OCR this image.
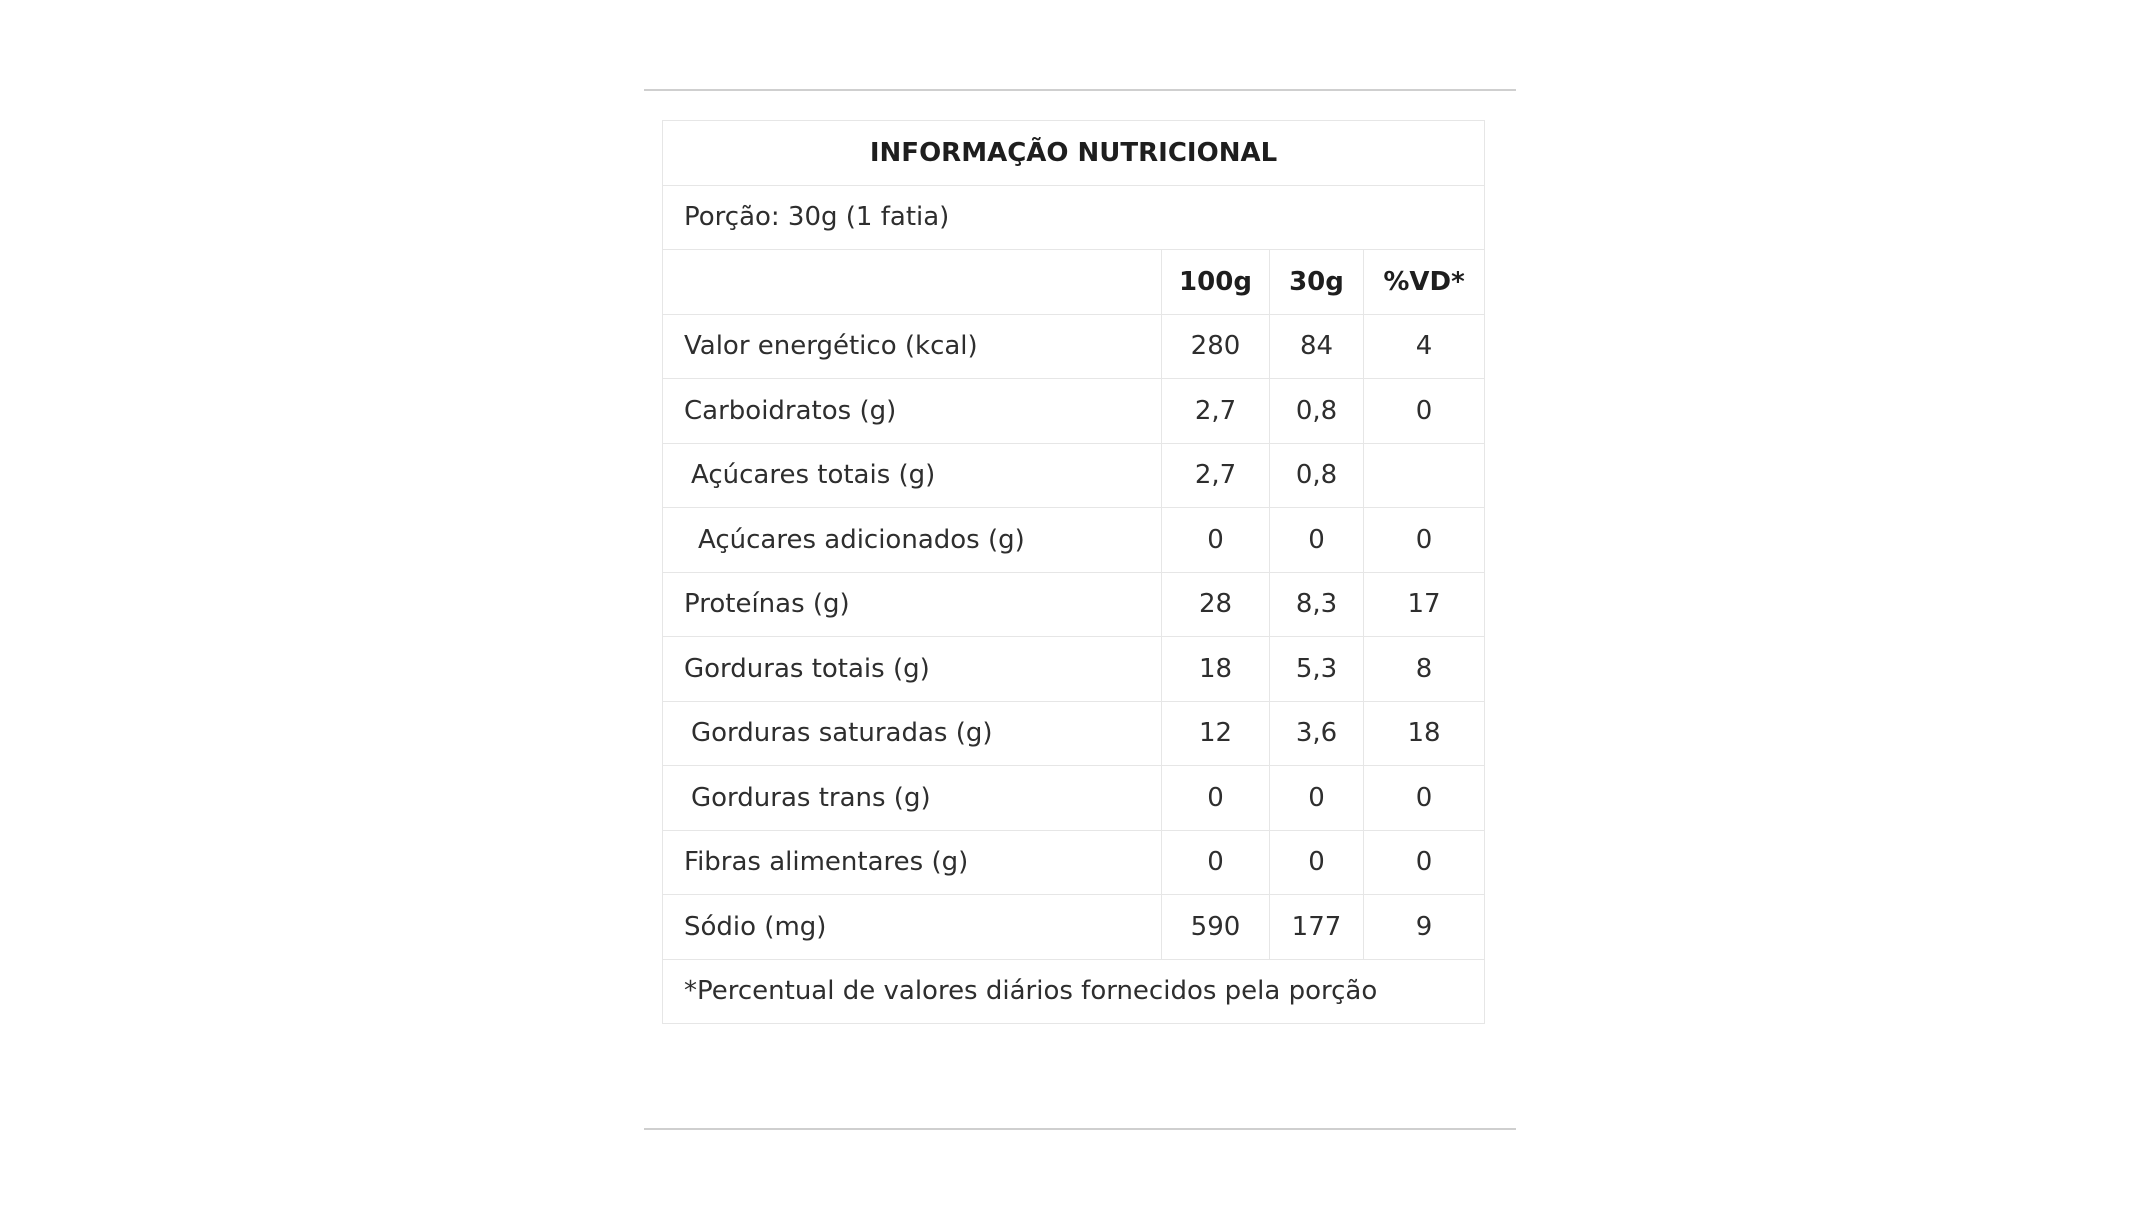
INFORMAÇÃO NUTRICIONAL			
Porção: 30g (1 fatia)			
	100g	30g	%VD*
Valor energético (kcal)	280	84	4
Carboidratos (g)	2,7	0,8	0
Açúcares totais (g)	2,7	0,8	
Açúcares adicionados (g)	0	0	0
Proteínas (g)	28	8,3	17
Gorduras totais (g)	18	5,3	8
Gorduras saturadas (g)	12	3,6	18
Gorduras trans (g)	0	0	0
Fibras alimentares (g)	0	0	0
Sódio (mg)	590	177	9
*Percentual de valores diários fornecidos pela porção			
